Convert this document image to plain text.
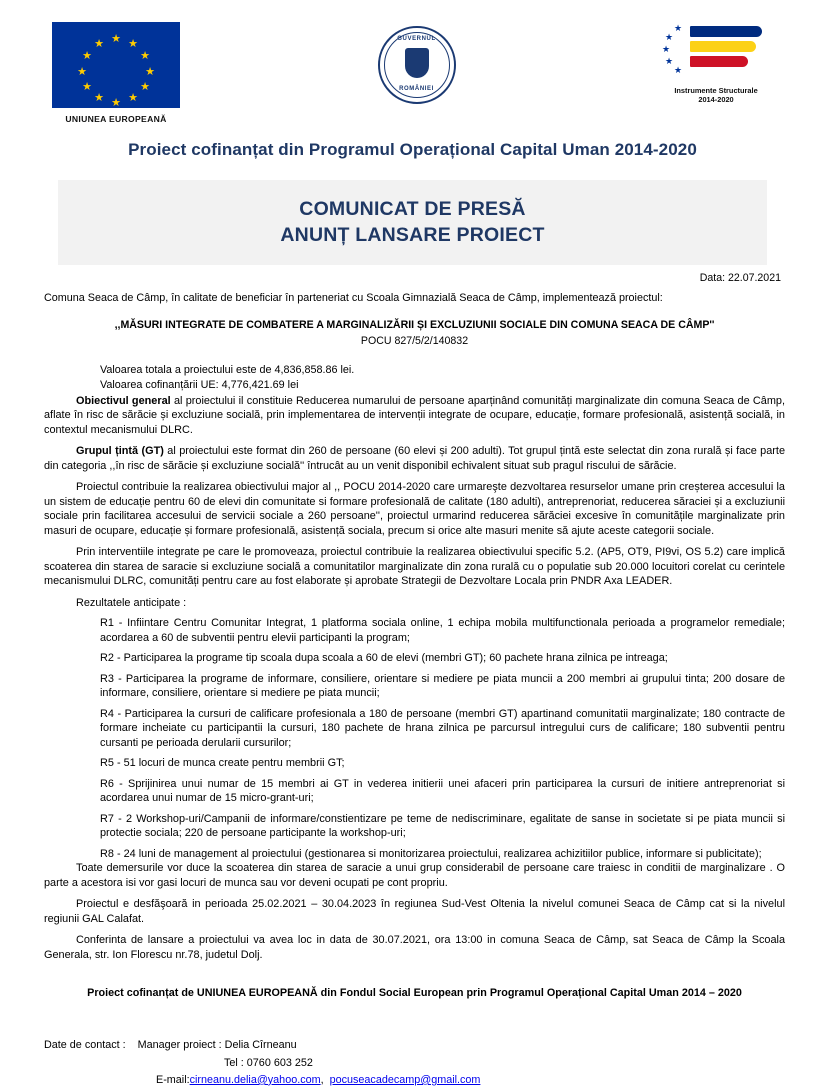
★ ★
★
★
★
★
★
★
★
★
★
★
UNIUNEA EUROPEANĂ
GUVERNUL
ROMÂNIEI
★
★
★
★
★
Instrumente Structurale
2014-2020
Proiect cofinanțat din Programul Operațional Capital Uman 2014-2020
COMUNICAT DE PRESĂ
ANUNȚ LANSARE PROIECT
Data: 22.07.2021
Comuna Seaca de Câmp, în calitate de beneficiar în parteneriat cu Scoala Gimnazială Seaca de Câmp, implementează proiectul:
,,MĂSURI INTEGRATE DE COMBATERE A MARGINALIZĂRII ȘI EXCLUZIUNII SOCIALE DIN COMUNA SEACA DE CÂMP''
POCU 827/5/2/140832
Valoarea totala a proiectului este de 4,836,858.86 lei.
Valoarea cofinanțării UE: 4,776,421.69 lei

Obiectivul general al proiectului il constituie Reducerea numarului de persoane aparținând comunități marginalizate din comuna Seaca de Câmp, aflate în risc de sărăcie și excluziune socială, prin implementarea de intervenții integrate de ocupare, educație, formare profesională, asistență socială, in contextul mecanismului DLRC.

Grupul țintă (GT) al proiectului este format din 260 de persoane (60 elevi și 200 adulti). Tot grupul țintă este selectat din zona rurală și face parte din categoria ,,în risc de sărăcie și excluziune socială'' întrucât au un venit disponibil echivalent situat sub pragul riscului de sărăcie.

Proiectul contribuie la realizarea obiectivului major al ,, POCU 2014-2020 care urmareşte dezvoltarea resurselor umane prin creșterea accesului la un sistem de educație pentru 60 de elevi din comunitate si formare profesională de calitate (180 adulti), antreprenoriat, reducerea săraciei și a excluziunii sociale prin facilitarea accesului de servicii sociale a 260 persoane'', proiectul urmarind reducerea sărăciei excesive în comunitățile marginalizate prin masuri de ocupare, educație și formare profesională, asistență sociala, precum si orice alte masuri menite să ajute aceste categorii sociale.

Prin interventiile integrate pe care le promoveaza, proiectul contribuie la realizarea obiectivului specific 5.2. (AP5, OT9, PI9vi, OS 5.2) care implică scoaterea din starea de saracie si excluziune socială a comunitatilor marginalizate din zona rurală cu o populatie sub 20.000 locuitori corelat cu cerintele mecanismului DLRC, comunități pentru care au fost elaborate și aprobate Strategii de Dezvoltare Locala prin PNDR Axa LEADER.

Rezultatele anticipate :
R1 - Infiintare Centru Comunitar Integrat, 1 platforma sociala online, 1 echipa mobila multifunctionala perioada a programelor remediale; acordarea a 60 de subventii pentru elevii participanti la program;
R2 - Participarea la programe tip scoala dupa scoala a 60 de elevi (membri GT); 60 pachete hrana zilnica pe intreaga;
R3 - Participarea la programe de informare, consiliere, orientare si mediere pe piata muncii a 200 membri ai grupului tinta; 200 dosare de informare, consiliere, orientare si mediere pe piata muncii;
R4 - Participarea la cursuri de calificare profesionala a 180 de persoane (membri GT) apartinand comunitatii marginalizate; 180 contracte de formare incheiate cu participantii la cursuri, 180 pachete de hrana zilnica pe parcursul intregului curs de calificare; 180 subventii pentru cursanti pe perioada derularii cursurilor;
R5 - 51 locuri de munca create pentru membrii GT;
R6 - Sprijinirea unui numar de 15 membri ai GT in vederea initierii unei afaceri prin participarea la cursuri de initiere antreprenoriat si acordarea unui numar de 15 micro-grant-uri;
R7 - 2 Workshop-uri/Campanii de informare/constientizare pe teme de nediscriminare, egalitate de sanse in societate si pe piata muncii si protectie sociala; 220 de persoane participante la workshop-uri;
R8 - 24 luni de management al proiectului (gestionarea si monitorizarea proiectului, realizarea achizitiilor publice, informare si publicitate);

Toate demersurile vor duce la scoaterea din starea de saracie a unui grup considerabil de persoane care traiesc in conditii de marginalizare . O parte a acestora isi vor gasi locuri de munca sau vor deveni ocupati pe cont propriu.

Proiectul e desfăşoară in perioada 25.02.2021 – 30.04.2023 în regiunea Sud-Vest Oltenia la nivelul comunei Seaca de Câmp cat si la nivelul regiunii GAL Calafat.

Conferinta de lansare a proiectului va avea loc in data de 30.07.2021, ora 13:00 in comuna Seaca de Câmp, sat Seaca de Câmp la Scoala Generala, str. Ion Florescu nr.78, judetul Dolj.

Proiect cofinanțat de UNIUNEA EUROPEANĂ din Fondul Social European prin Programul Operațional Capital Uman 2014 – 2020
Date de contact : Manager proiect : Delia Cîrneanu
Tel : 0760 603 252
E-mail:cirneanu.delia@yahoo.com, pocuseacadecamp@gmail.com
